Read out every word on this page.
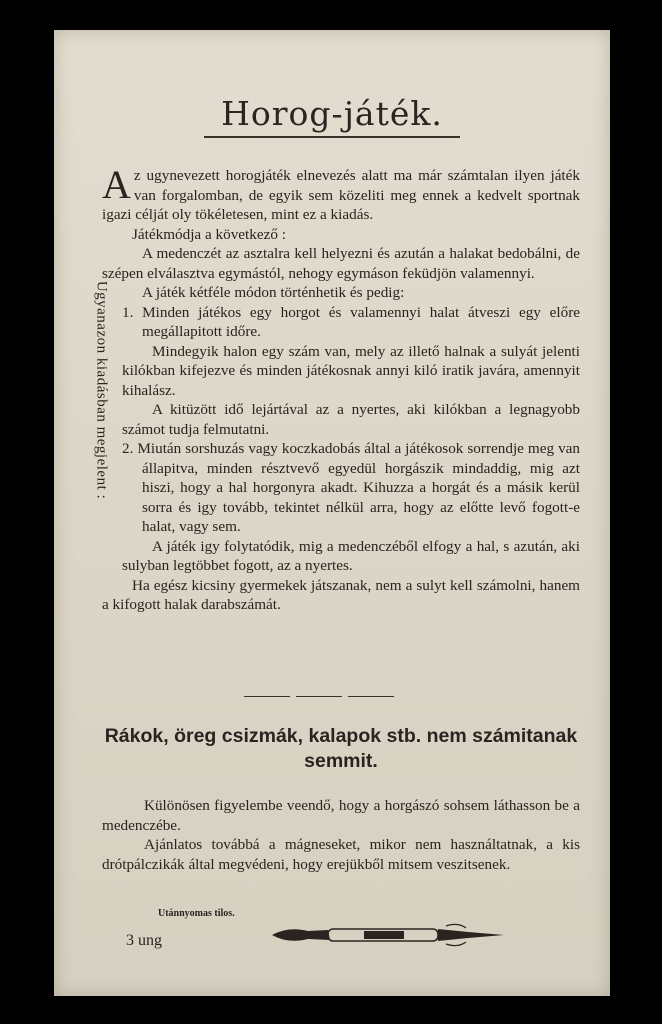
Horog-játék.
Ugyanazon kiadásban megjelent :

Az ugynevezett horogjáték elnevezés alatt ma már számtalan ilyen játék van forgalomban, de egyik sem közeliti meg ennek a kedvelt sportnak igazi célját oly tökéletesen, mint ez a kiadás.

Játékmódja a következő :

A medenczét az asztalra kell helyezni és azután a halakat bedobálni, de szépen elválasztva egymástól, nehogy egymáson feküdjön valamennyi.

A játék kétféle módon történhetik és pedig:

1. Minden játékos egy horgot és valamennyi halat átveszi egy előre megállapitott időre.

Mindegyik halon egy szám van, mely az illető halnak a sulyát jelenti kilókban kifejezve és minden játékosnak annyi kiló iratik javára, amennyit kihalász.

A kitüzött idő lejártával az a nyertes, aki kilókban a legnagyobb számot tudja felmutatni.

2. Miután sorshuzás vagy koczkadobás által a játékosok sorrendje meg van állapitva, minden résztvevő egyedül horgászik mindaddig, mig azt hiszi, hogy a hal horgonyra akadt. Kihuzza a horgát és a másik kerül sorra és igy tovább, tekintet nélkül arra, hogy az előtte levő fogott-e halat, vagy sem.

A játék igy folytatódik, mig a medenczéből elfogy a hal, s azután, aki sulyban legtöbbet fogott, az a nyertes.

Ha egész kicsiny gyermekek játszanak, nem a sulyt kell számolni, hanem a kifogott halak darabszámát.

Rákok, öreg csizmák, kalapok stb. nem számitanak semmit.

Különösen figyelembe veendő, hogy a horgászó sohsem láthasson be a medenczébe.

Ajánlatos továbbá a mágneseket, mikor nem használtatnak, a kis drótpálczikák által megvédeni, hogy erejükből mitsem veszitsenek.

Utánnyomas tilos.
3 ung
